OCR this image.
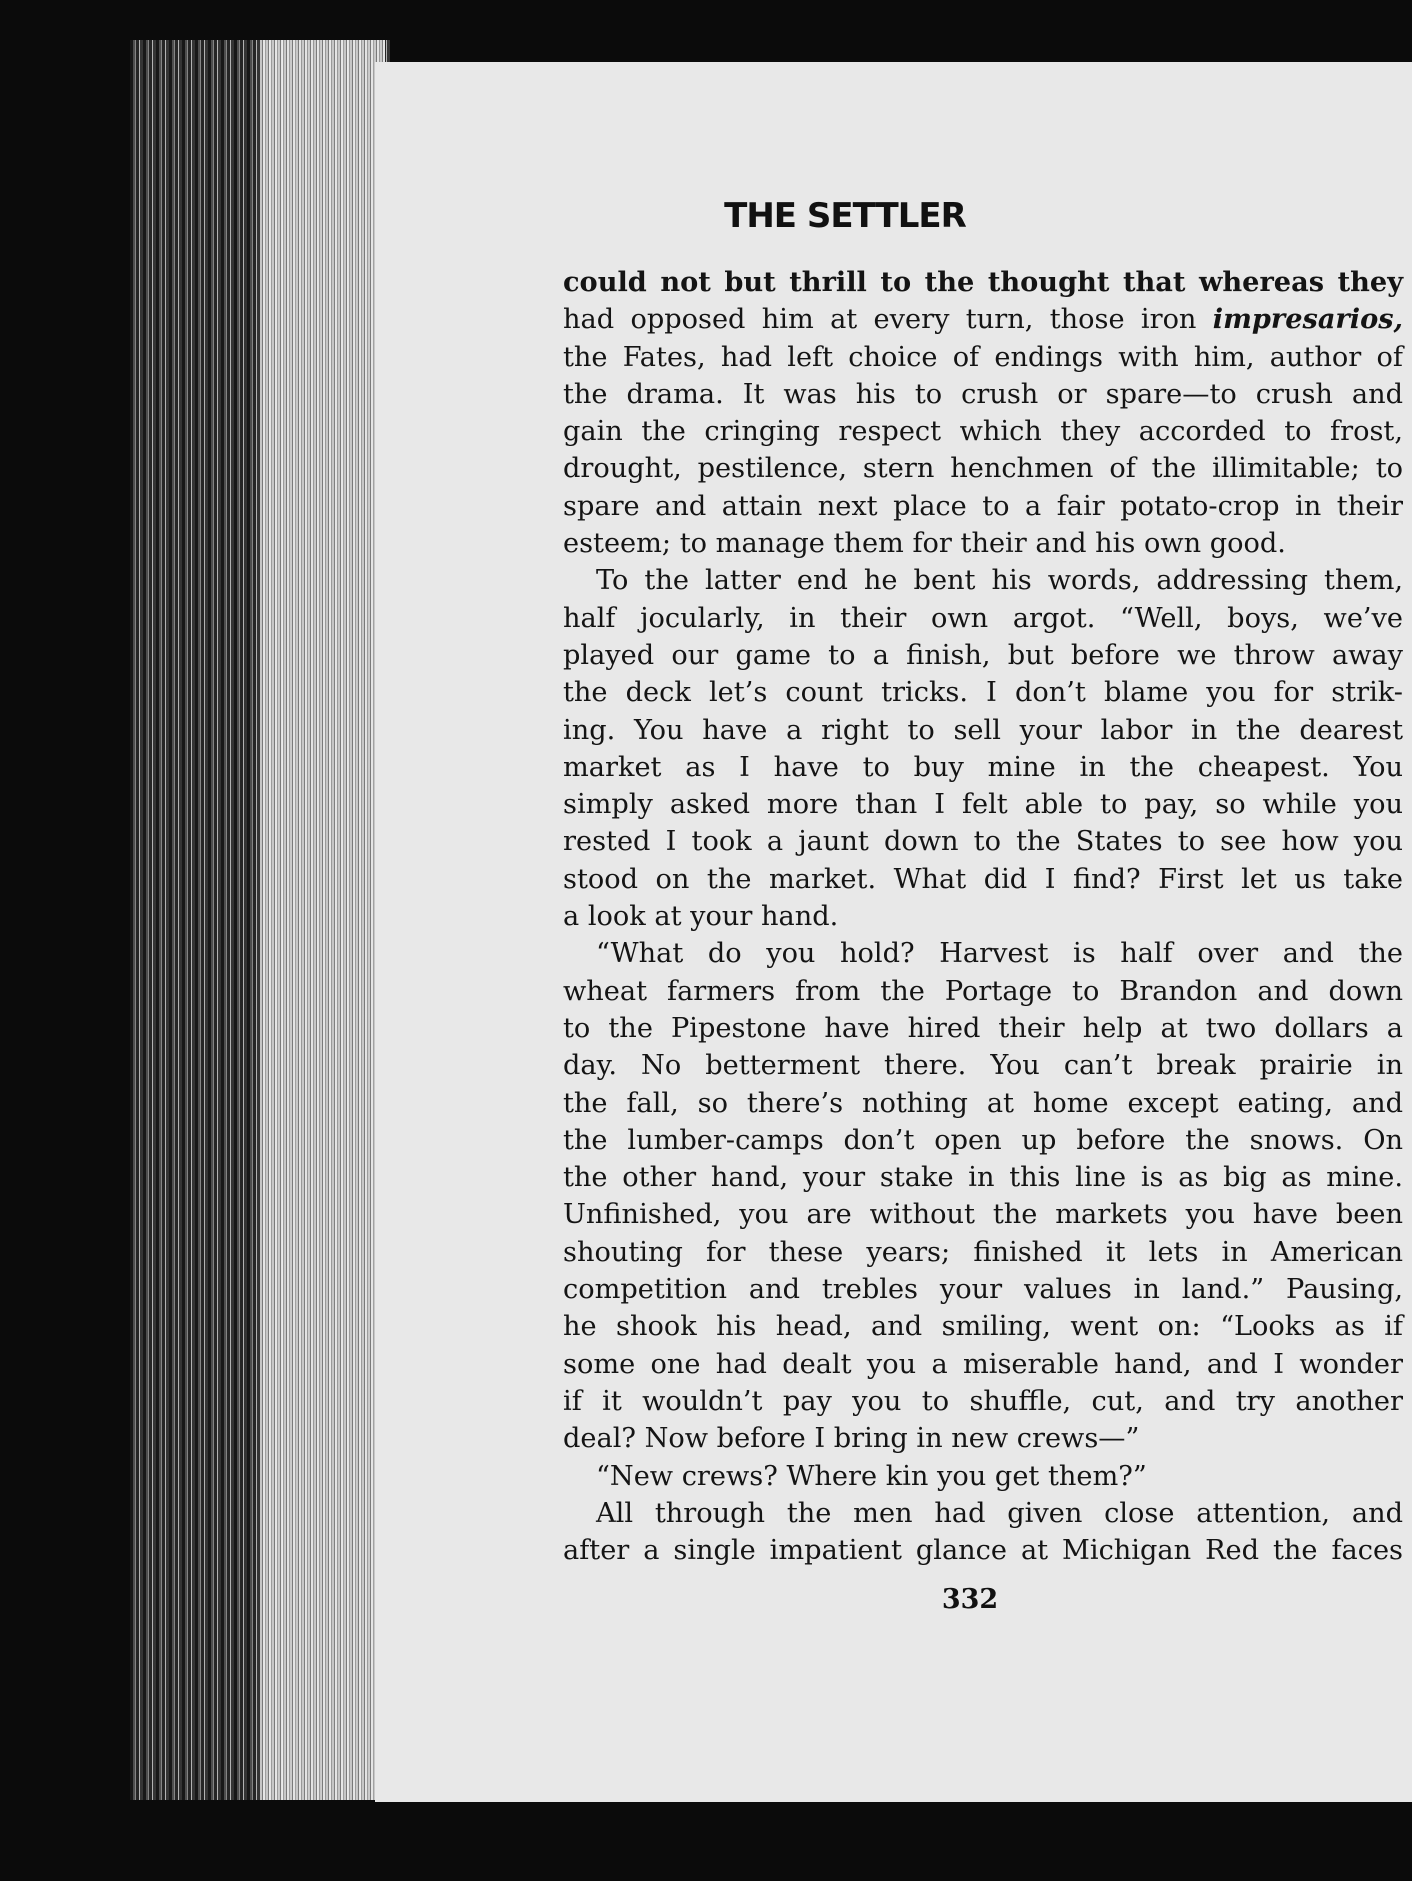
THE SETTLER
could not but thrill to the thought that whereas they
had opposed him at every turn, those iron impresarios,
the Fates, had left choice of endings with him, author of
the drama. It was his to crush or spare—to crush and
gain the cringing respect which they accorded to frost,
drought, pestilence, stern henchmen of the illimitable; to
spare and attain next place to a fair potato-crop in their
esteem; to manage them for their and his own good.
To the latter end he bent his words, addressing them,
half jocularly, in their own argot. “Well, boys, we’ve
played our game to a finish, but before we throw away
the deck let’s count tricks. I don’t blame you for strik-
ing. You have a right to sell your labor in the dearest
market as I have to buy mine in the cheapest. You
simply asked more than I felt able to pay, so while you
rested I took a jaunt down to the States to see how you
stood on the market. What did I find? First let us take
a look at your hand.
“What do you hold? Harvest is half over and the
wheat farmers from the Portage to Brandon and down
to the Pipestone have hired their help at two dollars a
day. No betterment there. You can’t break prairie in
the fall, so there’s nothing at home except eating, and
the lumber-camps don’t open up before the snows. On
the other hand, your stake in this line is as big as mine.
Unfinished, you are without the markets you have been
shouting for these years; finished it lets in American
competition and trebles your values in land.” Pausing,
he shook his head, and smiling, went on: “Looks as if
some one had dealt you a miserable hand, and I wonder
if it wouldn’t pay you to shuffle, cut, and try another
deal? Now before I bring in new crews—”
“New crews? Where kin you get them?”
All through the men had given close attention, and
after a single impatient glance at Michigan Red the faces
332
